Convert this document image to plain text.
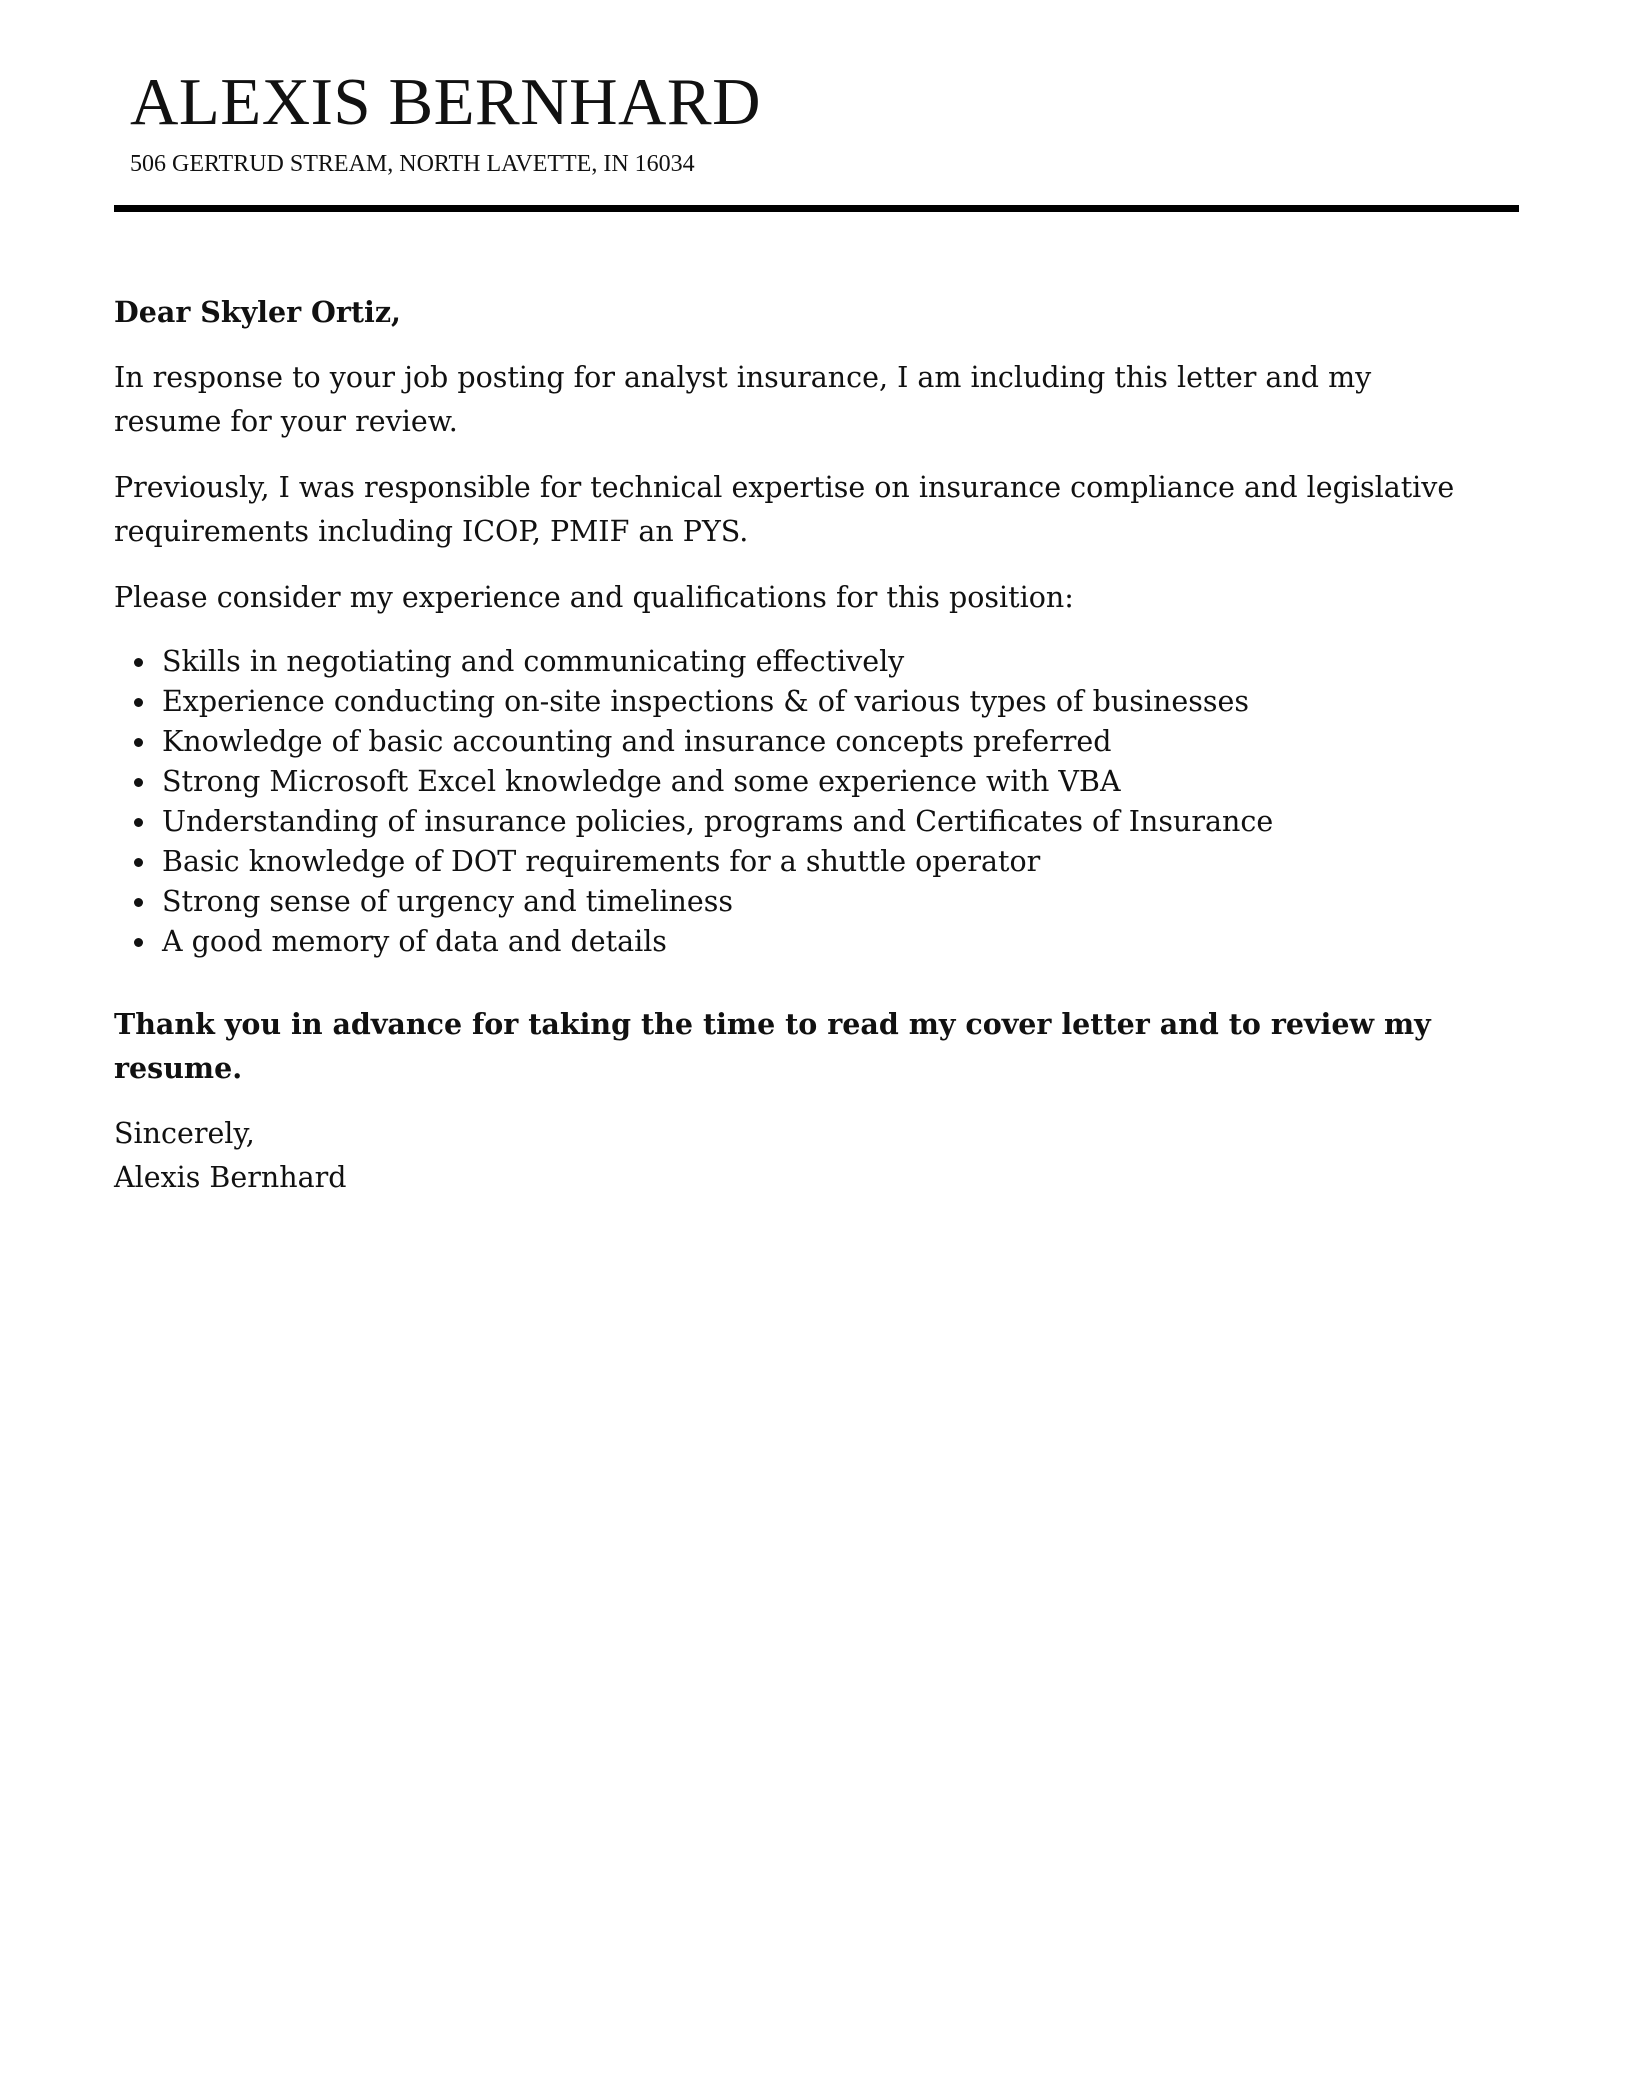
ALEXIS BERNHARD
506 GERTRUD STREAM, NORTH LAVETTE, IN 16034

Dear Skyler Ortiz,

In response to your job posting for analyst insurance, I am including this letter and my resume for your review.

Previously, I was responsible for technical expertise on insurance compliance and legislative requirements including ICOP, PMIF an PYS.

Please consider my experience and qualifications for this position:

Skills in negotiating and communicating effectively
Experience conducting on-site inspections & of various types of businesses
Knowledge of basic accounting and insurance concepts preferred
Strong Microsoft Excel knowledge and some experience with VBA
Understanding of insurance policies, programs and Certificates of Insurance
Basic knowledge of DOT requirements for a shuttle operator
Strong sense of urgency and timeliness
A good memory of data and details

Thank you in advance for taking the time to read my cover letter and to review my resume.

Sincerely,

Alexis Bernhard
